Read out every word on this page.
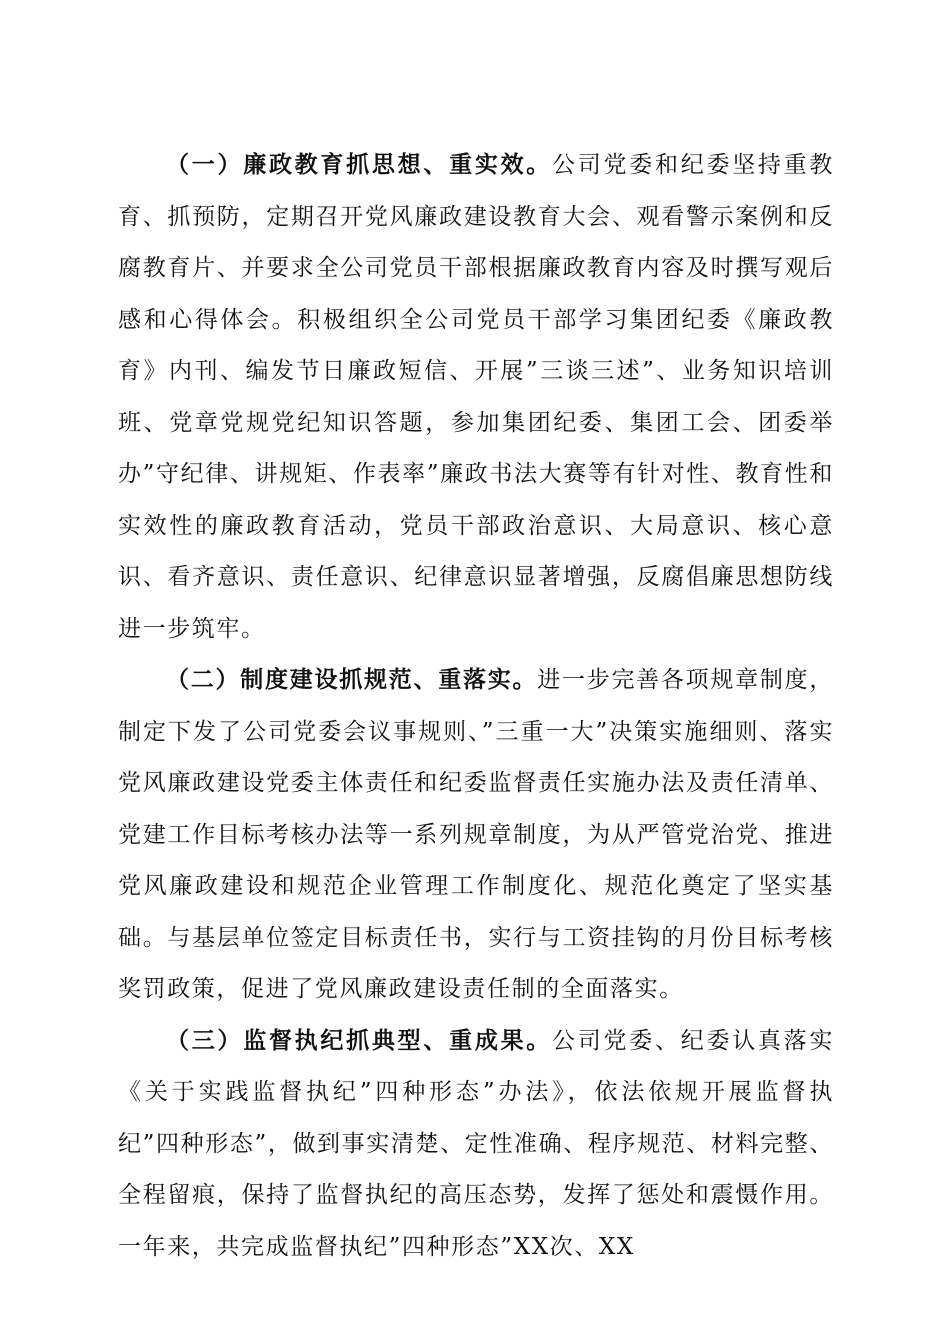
（一）廉政教育抓思想、重实效。公司党委和纪委坚持重教育、抓预防，定期召开党风廉政建设教育大会、观看警示案例和反腐教育片、并要求全公司党员干部根据廉政教育内容及时撰写观后感和心得体会。积极组织全公司党员干部学习集团纪委《廉政教育》内刊、编发节日廉政短信、开展”三谈三述”、业务知识培训班、党章党规党纪知识答题，参加集团纪委、集团工会、团委举办”守纪律、讲规矩、作表率”廉政书法大赛等有针对性、教育性和实效性的廉政教育活动，党员干部政治意识、大局意识、核心意识、看齐意识、责任意识、纪律意识显著增强，反腐倡廉思想防线进一步筑牢。

（二）制度建设抓规范、重落实。进一步完善各项规章制度，制定下发了公司党委会议事规则、”三重一大”决策实施细则、落实党风廉政建设党委主体责任和纪委监督责任实施办法及责任清单、党建工作目标考核办法等一系列规章制度，为从严管党治党、推进党风廉政建设和规范企业管理工作制度化、规范化奠定了坚实基础。与基层单位签定目标责任书，实行与工资挂钩的月份目标考核奖罚政策，促进了党风廉政建设责任制的全面落实。

（三）监督执纪抓典型、重成果。公司党委、纪委认真落实《关于实践监督执纪”四种形态”办法》，依法依规开展监督执纪”四种形态”，做到事实清楚、定性准确、程序规范、材料完整、全程留痕，保持了监督执纪的高压态势，发挥了惩处和震慑作用。一年来，共完成监督执纪”四种形态”XX次、XX
